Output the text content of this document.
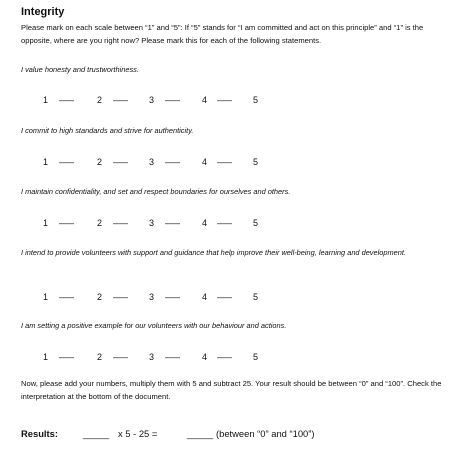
Integrity
Please mark on each scale between “1” and “5”: If “5” stands for “I am committed and act on this principle” and “1” is the opposite, where are you right now? Please mark this for each of the following statements.
I value honesty and trustworthiness.
1 –––	2 ––– 3 ––– 4 ––– 5
I commit to high standards and strive for authenticity.
1 –––	2 ––– 3 ––– 4 ––– 5
I maintain confidentiality, and set and respect boundaries for ourselves and others.
1 –––	2 ––– 3 ––– 4 ––– 5
I intend to provide volunteers with support and guidance that help improve their well-being, learning and development.
1 –––	2 ––– 3 ––– 4 ––– 5
I am setting a positive example for our volunteers with our behaviour and actions.
1 –––	2 ––– 3 ––– 4 ––– 5
Now, please add your numbers, multiply them with 5 and subtract 25. Your result should be between “0” and “100”. Check the interpretation at the bottom of the document.
Results:	_____ x 5 - 25 =	_____ (between “0” and “100”)
